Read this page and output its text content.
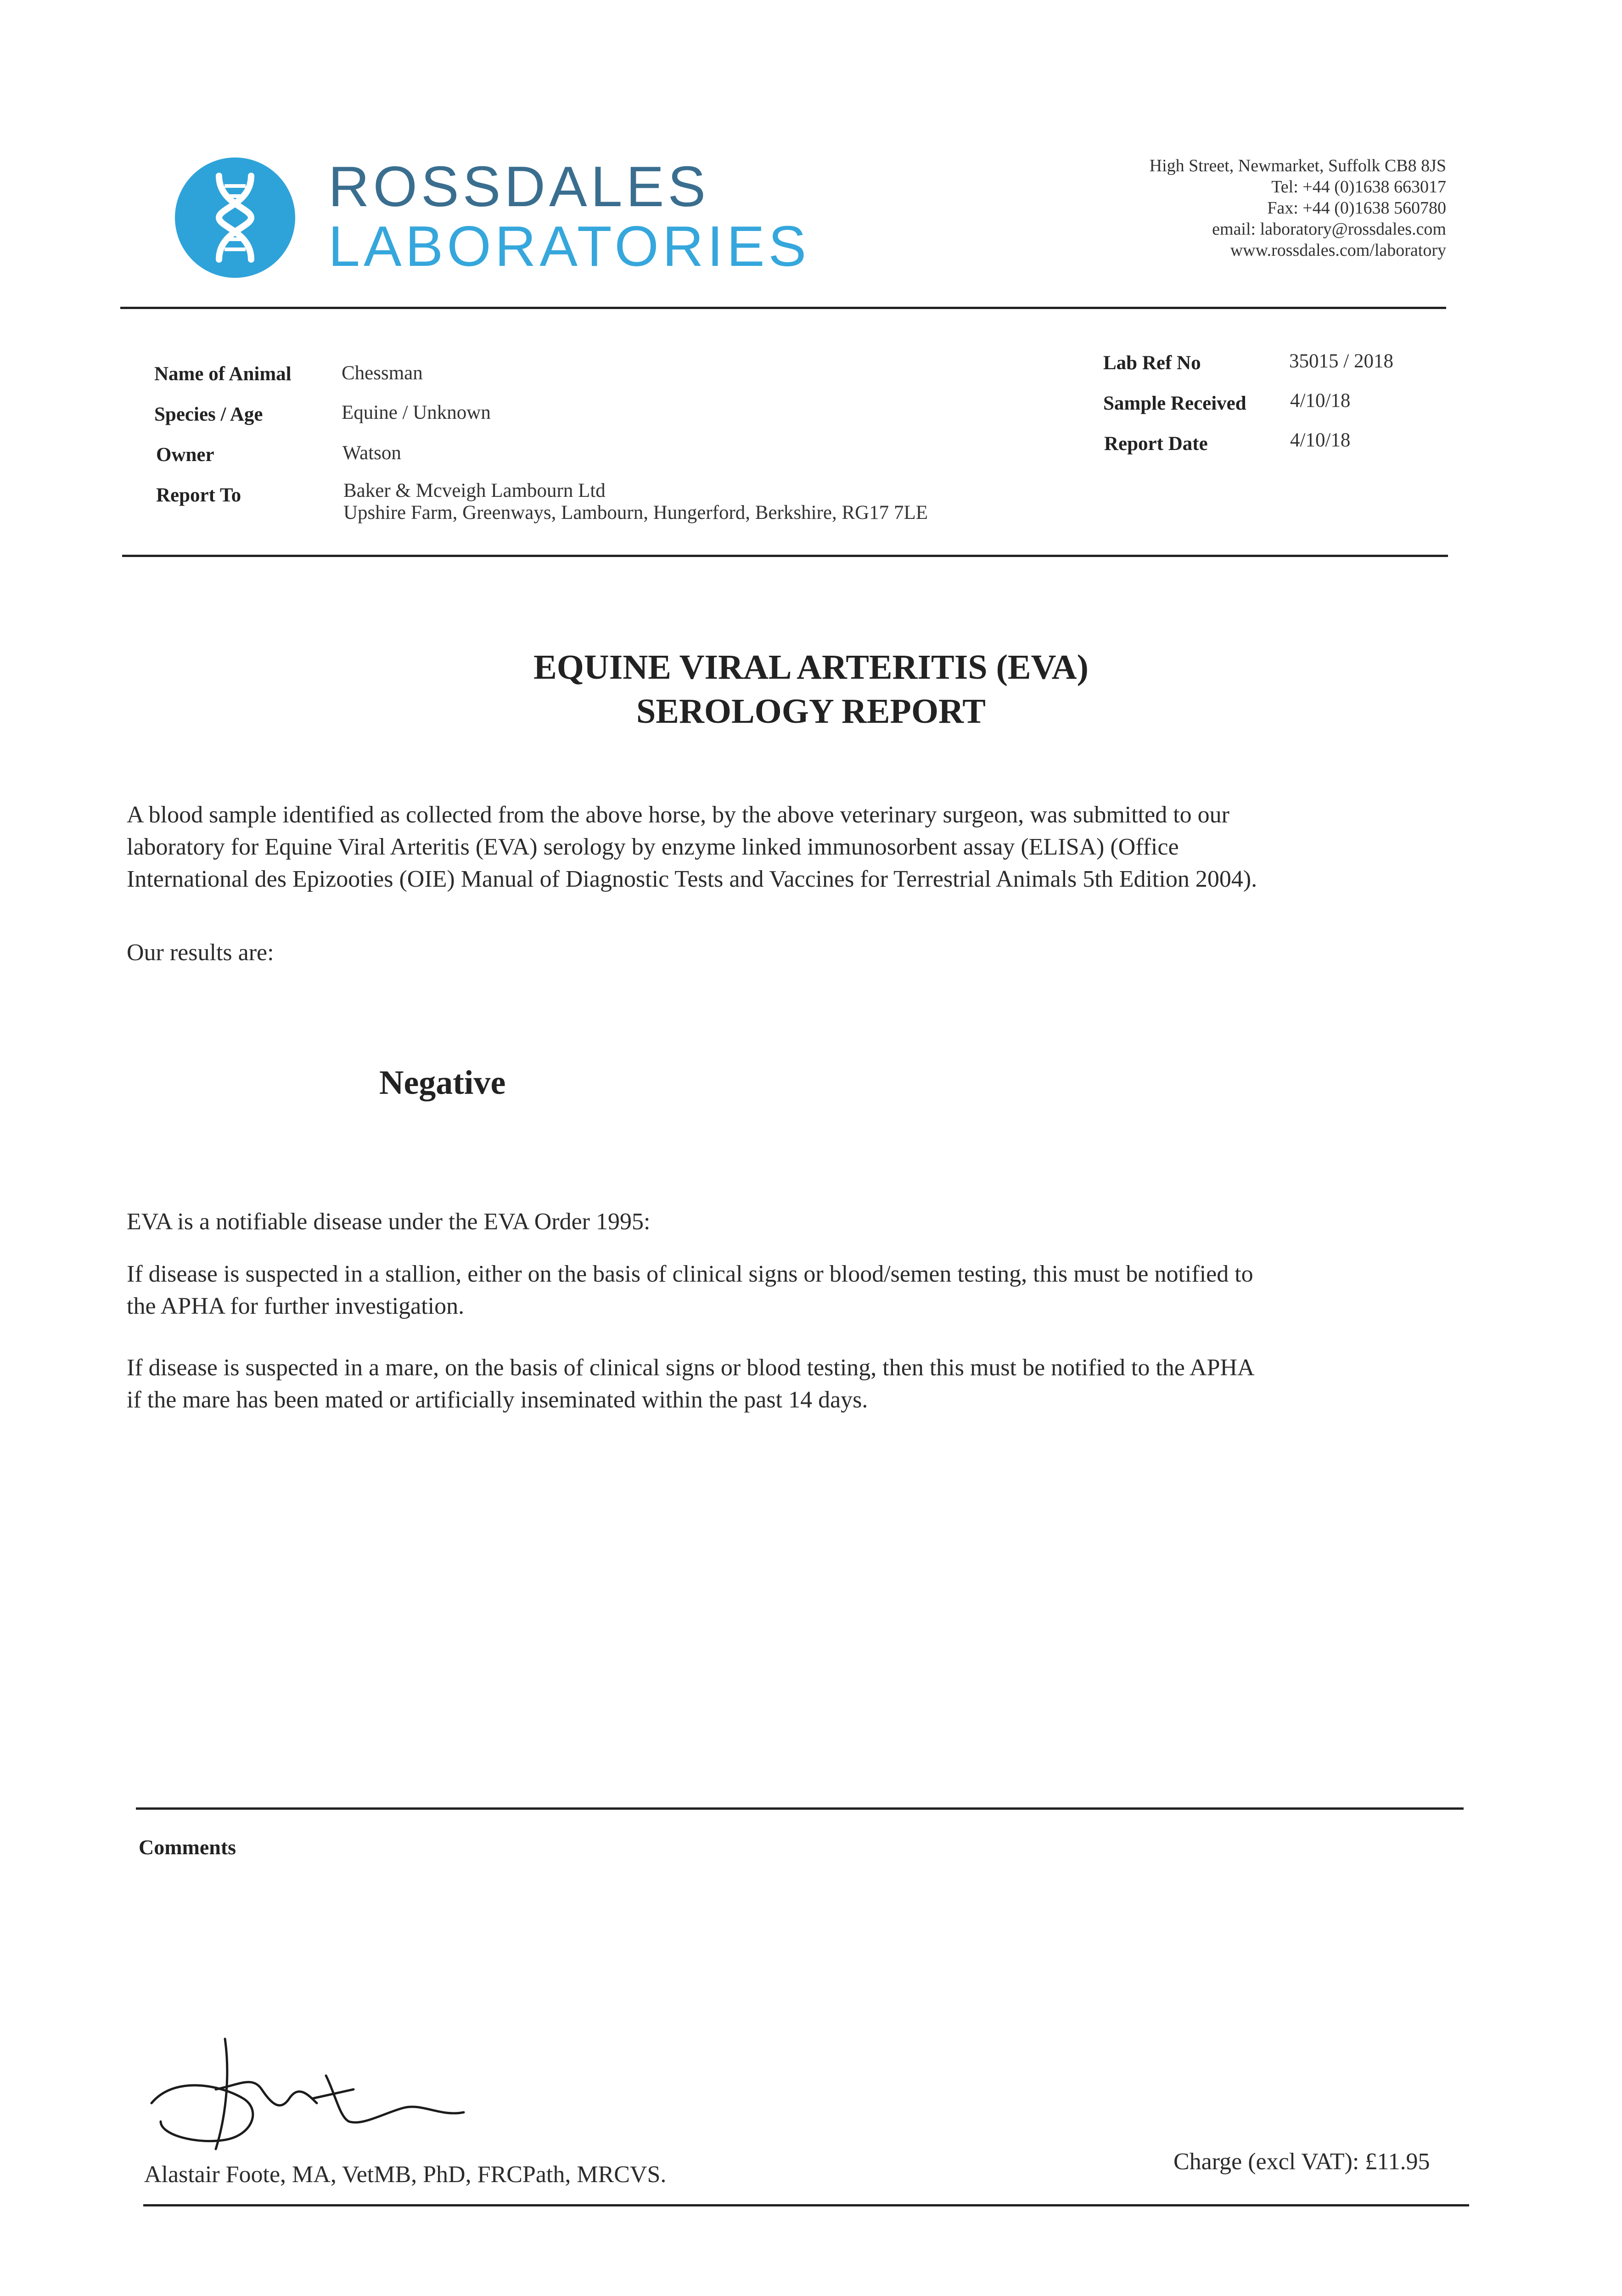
ROSSDALES
LABORATORIES
High Street, Newmarket, Suffolk CB8 8JS
Tel: +44 (0)1638 663017
Fax: +44 (0)1638 560780
email: laboratory@rossdales.com
www.rossdales.com/laboratory
Name of Animal	Chessman
Species / Age	Equine / Unknown
Owner	Watson
Report To	Baker & Mcveigh Lambourn Ltd
Upshire Farm, Greenways, Lambourn, Hungerford, Berkshire, RG17 7LE
Lab Ref No	35015 / 2018
Sample Received 4/10/18
Report Date	4/10/18
EQUINE VIRAL ARTERITIS (EVA)
SEROLOGY REPORT
A blood sample identified as collected from the above horse, by the above veterinary surgeon, was submitted to our
laboratory for Equine Viral Arteritis (EVA) serology by enzyme linked immunosorbent assay (ELISA) (Office
International des Epizooties (OIE) Manual of Diagnostic Tests and Vaccines for Terrestrial Animals 5th Edition 2004).
Our results are:
Negative
EVA is a notifiable disease under the EVA Order 1995:
If disease is suspected in a stallion, either on the basis of clinical signs or blood/semen testing, this must be notified to
the APHA for further investigation.
If disease is suspected in a mare, on the basis of clinical signs or blood testing, then this must be notified to the APHA
if the mare has been mated or artificially inseminated within the past 14 days.
Comments
Alastair Foote, MA, VetMB, PhD, FRCPath, MRCVS.	Charge (excl VAT): £11.95
